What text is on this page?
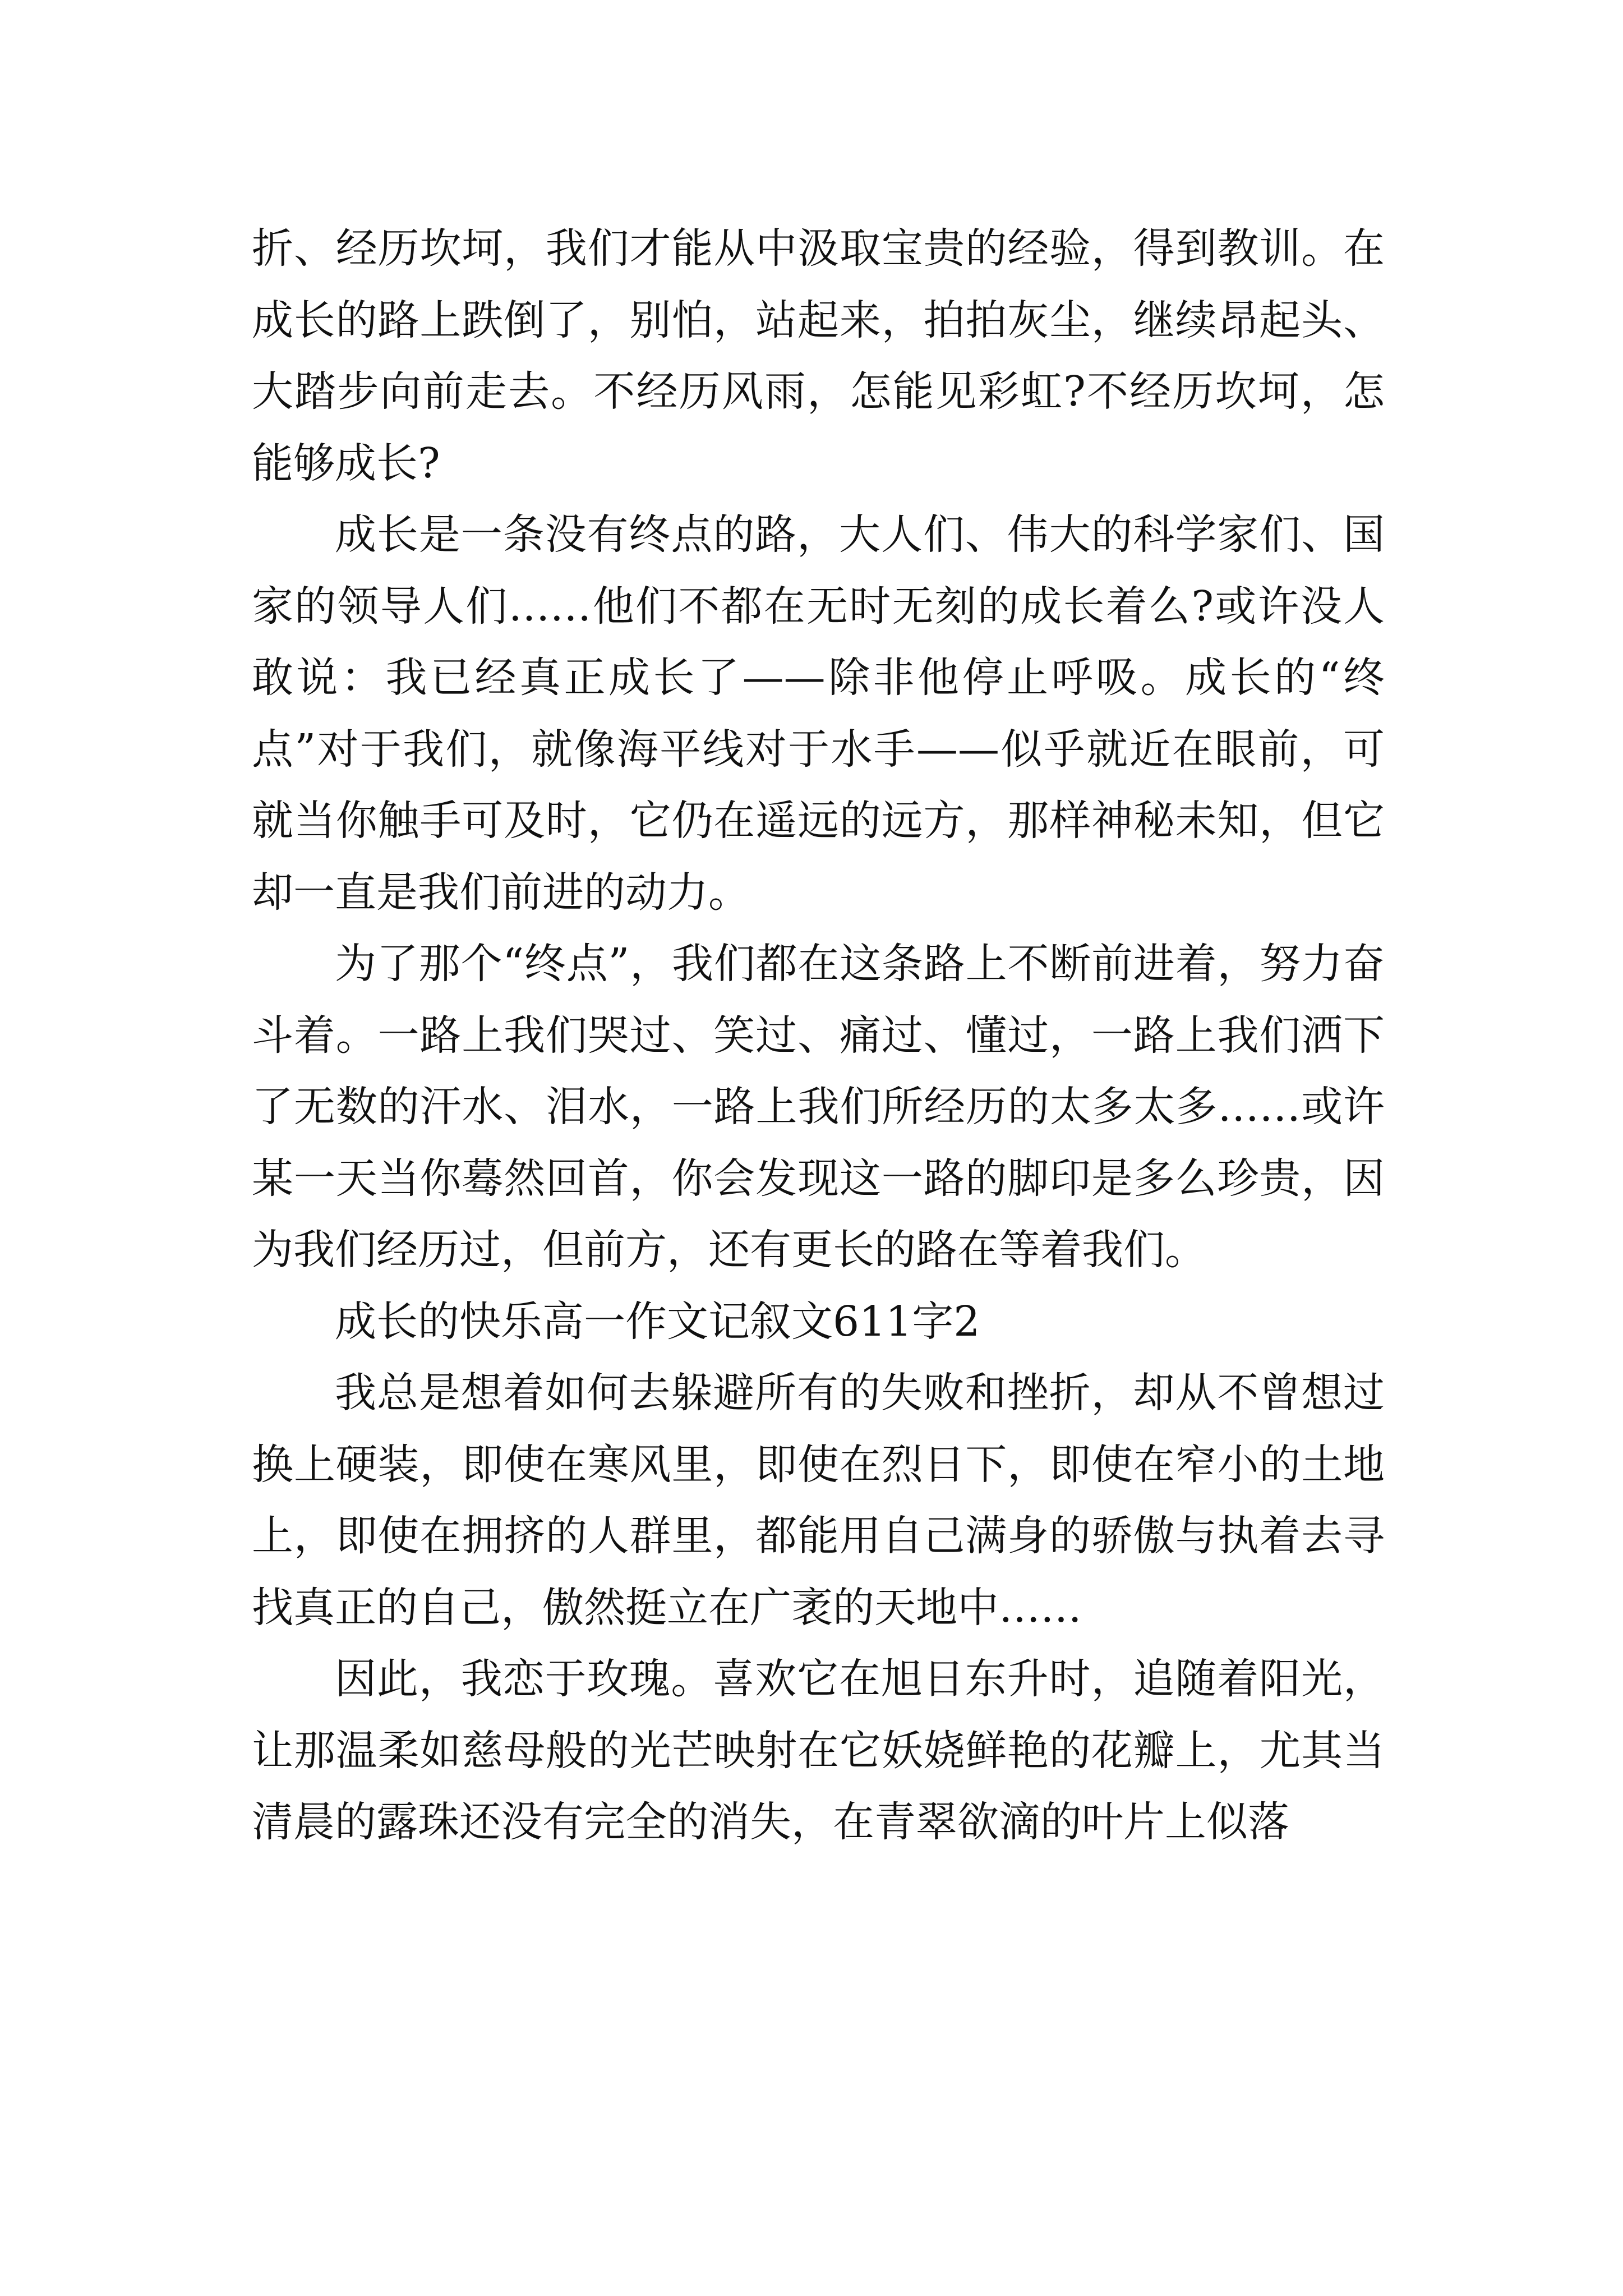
折、经历坎坷，我们才能从中汲取宝贵的经验，得到教训。在成长的路上跌倒了，别怕，站起来，拍拍灰尘，继续昂起头、大踏步向前走去。不经历风雨，怎能见彩虹?不经历坎坷，怎能够成长?

成长是一条没有终点的路，大人们、伟大的科学家们、国家的领导人们……他们不都在无时无刻的成长着么?或许没人敢说：我已经真正成长了——除非他停止呼吸。成长的“终点”对于我们，就像海平线对于水手——似乎就近在眼前，可就当你触手可及时，它仍在遥远的远方，那样神秘未知，但它却一直是我们前进的动力。

为了那个“终点”，我们都在这条路上不断前进着，努力奋斗着。一路上我们哭过、笑过、痛过、懂过，一路上我们洒下了无数的汗水、泪水，一路上我们所经历的太多太多……或许某一天当你蓦然回首，你会发现这一路的脚印是多么珍贵，因为我们经历过，但前方，还有更长的路在等着我们。

成长的快乐高一作文记叙文611字2

我总是想着如何去躲避所有的失败和挫折，却从不曾想过换上硬装，即使在寒风里，即使在烈日下，即使在窄小的土地上，即使在拥挤的人群里，都能用自己满身的骄傲与执着去寻找真正的自己，傲然挺立在广袤的天地中……

因此，我恋于玫瑰。喜欢它在旭日东升时，追随着阳光，让那温柔如慈母般的光芒映射在它妖娆鲜艳的花瓣上，尤其当清晨的露珠还没有完全的消失，在青翠欲滴的叶片上似落
